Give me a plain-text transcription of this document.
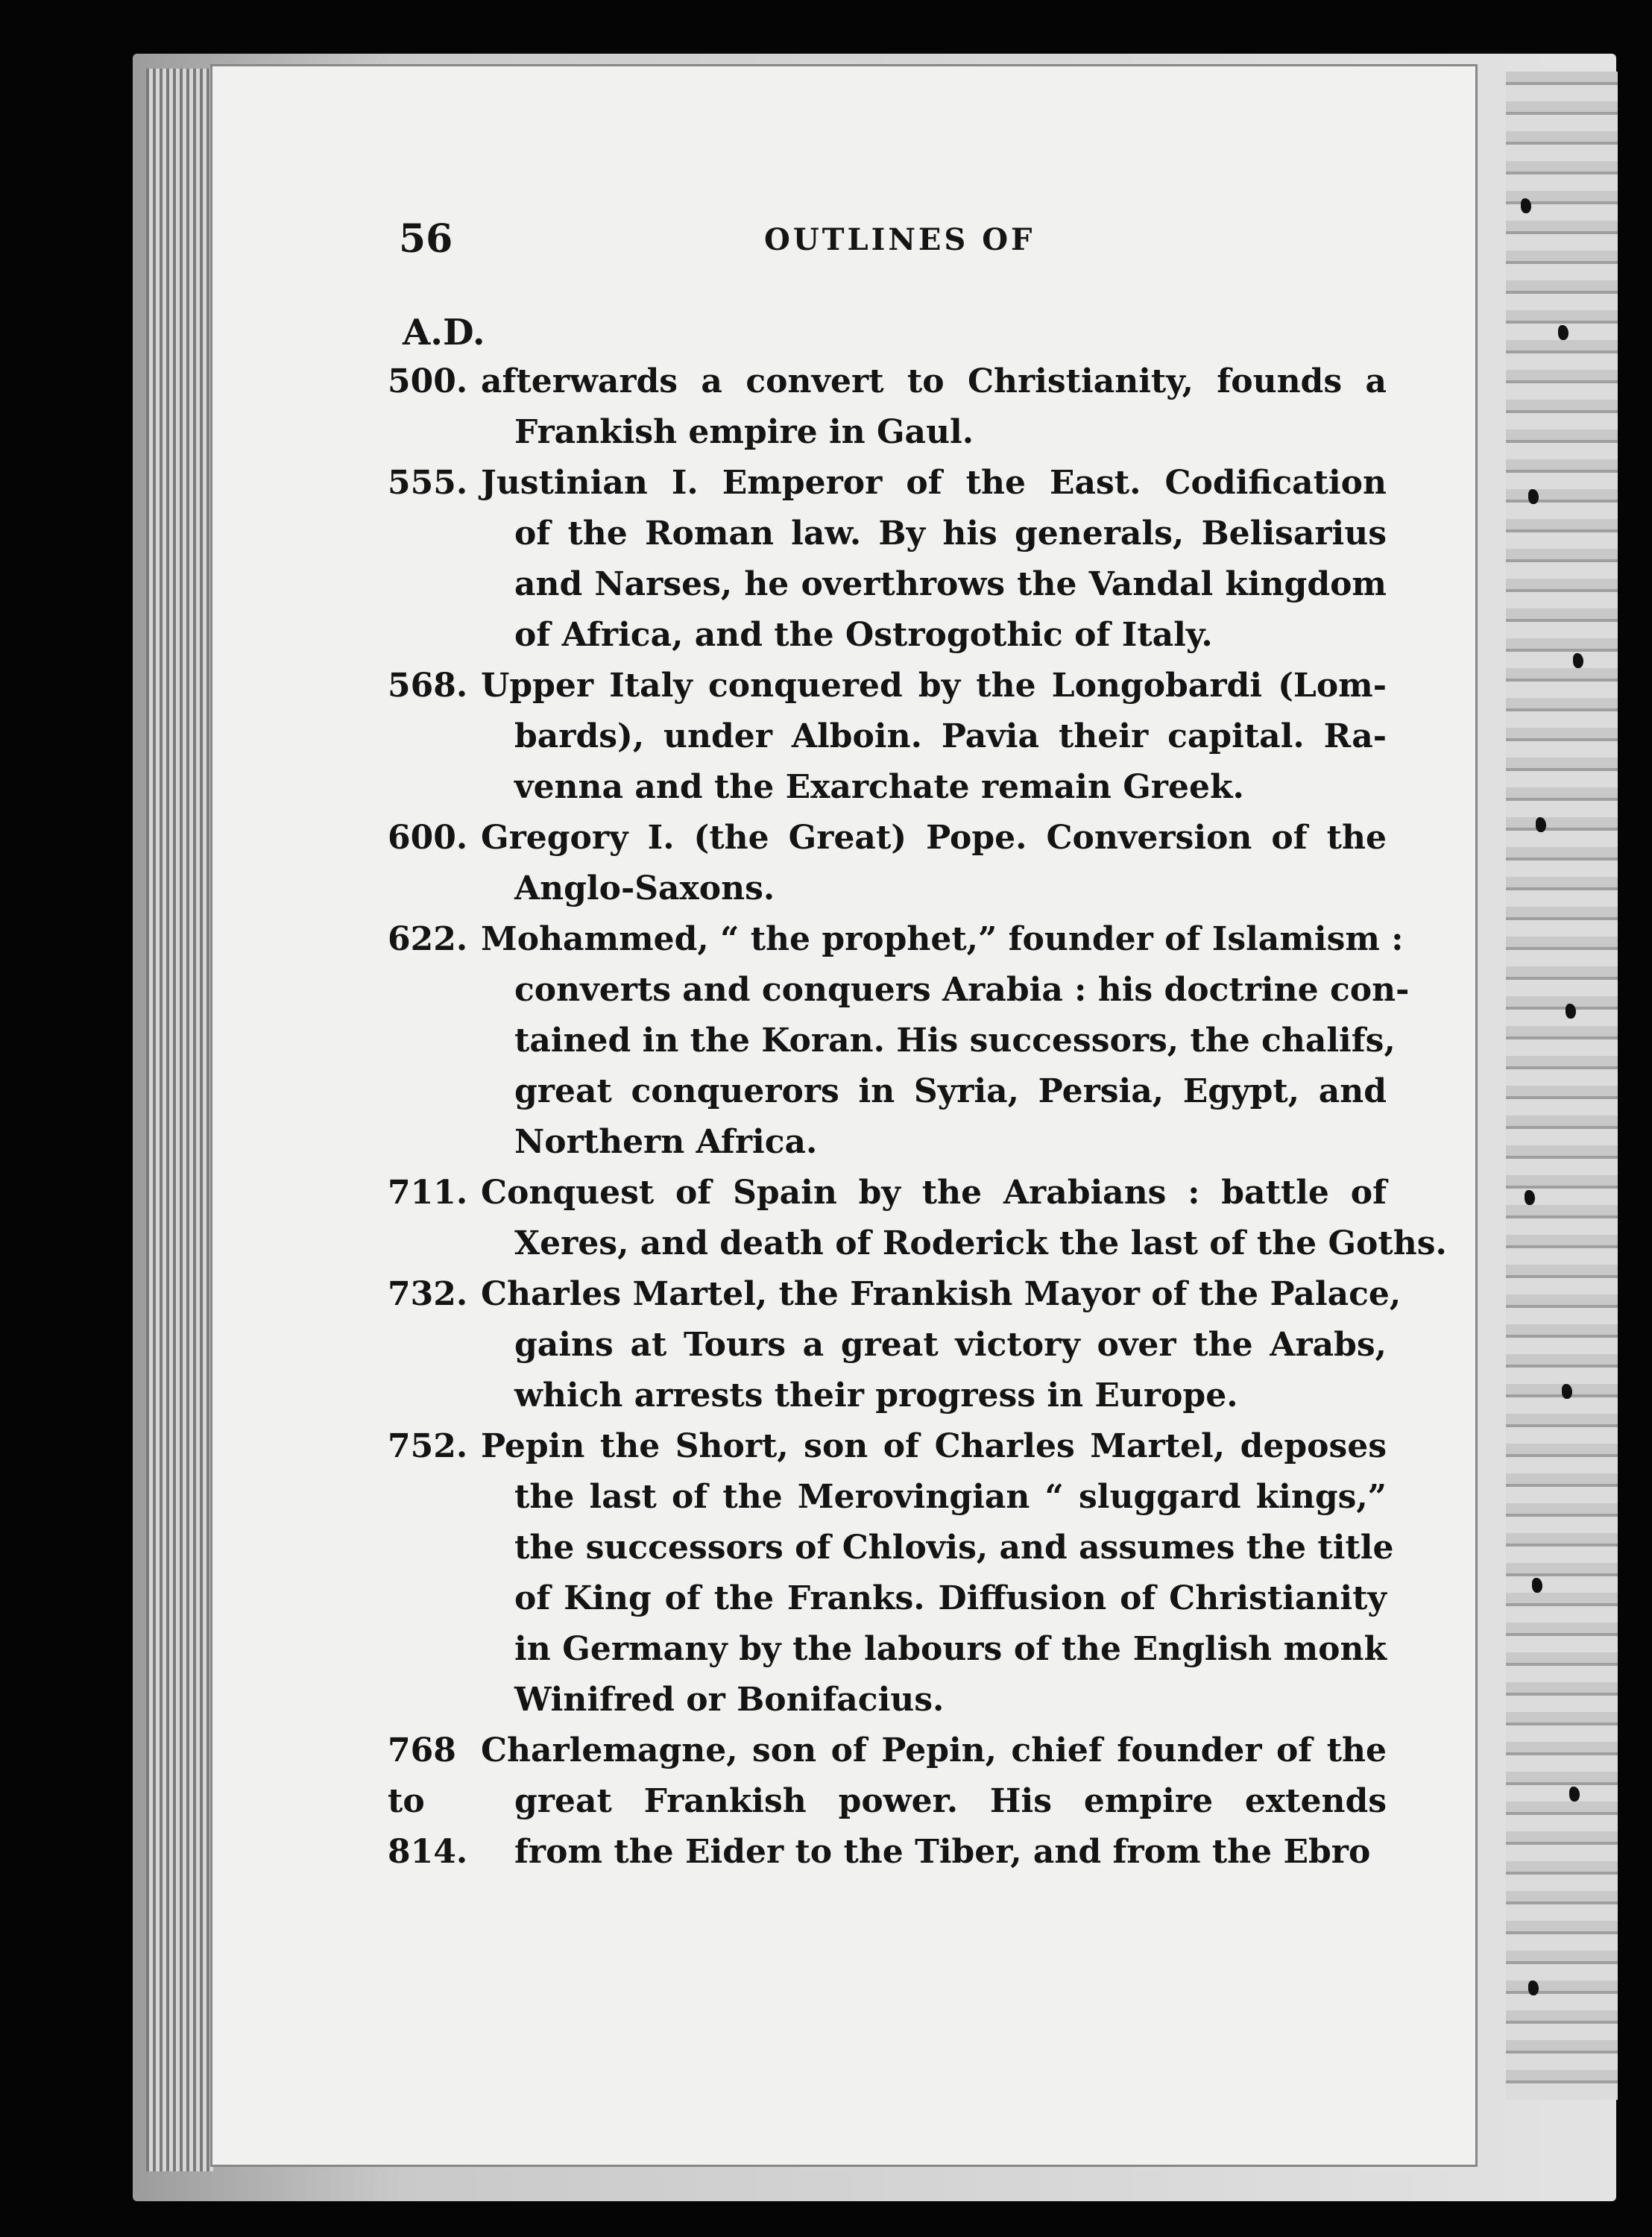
56	OUTLINES OF
A.D.
500. afterwards a convert to Christianity, founds a
Frankish empire in Gaul.
555. Justinian I. Emperor of the East. Codification
of the Roman law. By his generals, Belisarius
and Narses, he overthrows the Vandal kingdom
of Africa, and the Ostrogothic of Italy.
568. Upper Italy conquered by the Longobardi (Lom-
bards), under Alboin. Pavia their capital. Ra-
venna and the Exarchate remain Greek.
600. Gregory I. (the Great) Pope. Conversion of the
Anglo-Saxons.
622. Mohammed, “ the prophet,” founder of Islamism :
converts and conquers Arabia : his doctrine con-
tained in the Koran. His successors, the chalifs,
great conquerors in Syria, Persia, Egypt, and
Northern Africa.
711. Conquest of Spain by the Arabians : battle of
Xeres, and death of Roderick the last of the Goths.
732. Charles Martel, the Frankish Mayor of the Palace,
gains at Tours a great victory over the Arabs,
which arrests their progress in Europe.
752. Pepin the Short, son of Charles Martel, deposes
the last of the Merovingian “ sluggard kings,”
the successors of Chlovis, and assumes the title
of King of the Franks. Diffusion of Christianity
in Germany by the labours of the English monk
Winifred or Bonifacius.
768
to
814.
Charlemagne, son of Pepin, chief founder of the
great Frankish power. His empire extends
from the Eider to the Tiber, and from the Ebro
